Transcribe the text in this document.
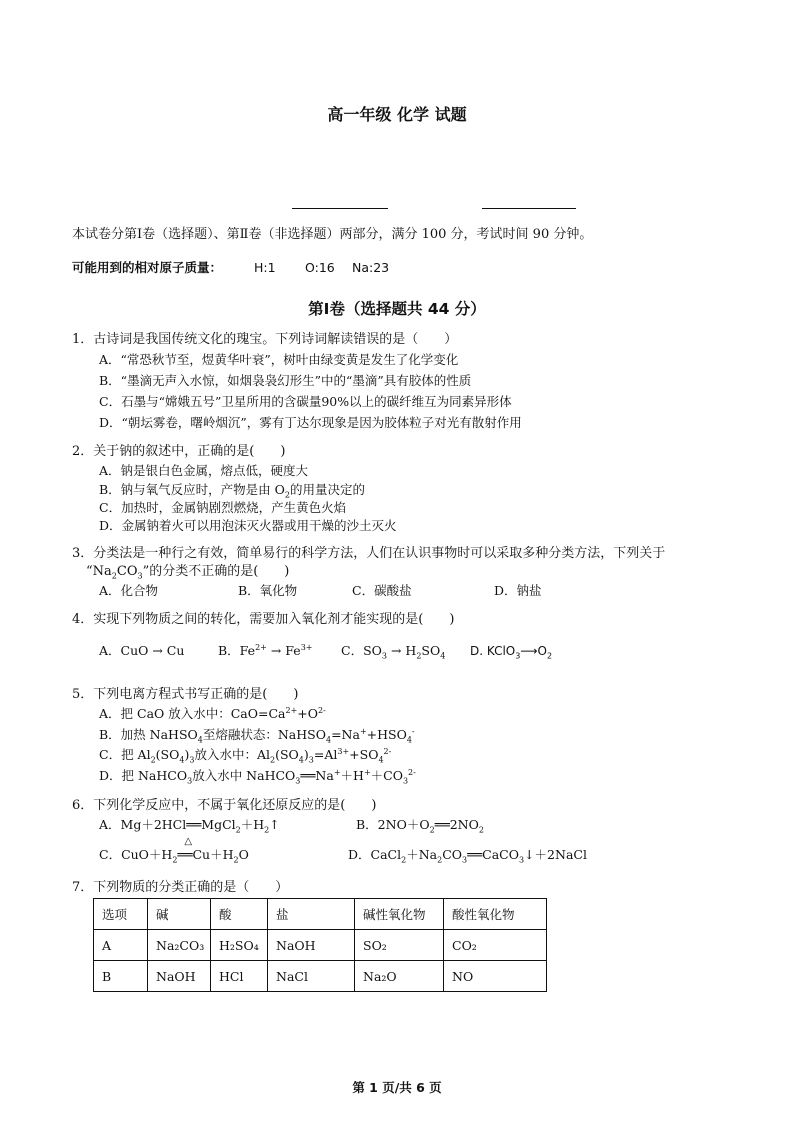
高一年级 化学 试题
本试卷分第Ⅰ卷（选择题）、第Ⅱ卷（非选择题）两部分，满分 100 分，考试时间 90 分钟。
可能用到的相对原子质量：	H:1 O:16 Na:23
第Ⅰ卷（选择题共 44 分）
1．古诗词是我国传统文化的瑰宝。下列诗词解读错误的是（　　）
A．“常恐秋节至，煜黄华叶衰”，树叶由绿变黄是发生了化学变化
B．“墨滴无声入水惊，如烟袅袅幻形生”中的“墨滴”具有胶体的性质
C．石墨与“嫦娥五号”卫星所用的含碳量90%以上的碳纤维互为同素异形体
D．“朝坛雾卷，曙岭烟沉”，雾有丁达尔现象是因为胶体粒子对光有散射作用
2．关于钠的叙述中，正确的是(　　)
A．钠是银白色金属，熔点低，硬度大
B．钠与氧气反应时，产物是由 $O_2$的用量决定的
C．加热时，金属钠剧烈燃烧，产生黄色火焰
D．金属钠着火可以用泡沫灭火器或用干燥的沙土灭火
3．分类法是一种行之有效，简单易行的科学方法，人们在认识事物时可以采取多种分类方法，下列关于
“$Na_2CO_3$”的分类不正确的是(　　)
A．化合物	B．氧化物	C．碳酸盐	D．钠盐
4．实现下列物质之间的转化，需要加入氧化剂才能实现的是(　　)
A．CuO → Cu	B．$Fe^{2+} \to Fe^{3+}$ C．$SO_3 \to H_2SO_4$ D. $KClO_3⟶O_2$
5．下列电离方程式书写正确的是(　　)
A．把 CaO 放入水中：$CaO=Ca^{2+}+O^{2-}$
B．加热 NaHSO$_4$至熔融状态：$NaHSO_4=Na^++HSO_4^-$
C．把 $Al_2(SO_4)_3$放入水中：$Al_2(SO_4)_3=Al^{3+}+SO_4^{2-}$
D．把 NaHCO$_3$放入水中 $NaHCO_3══Na^++H^++CO_3^{2-}$
6．下列化学反应中，不属于氧化还原反应的是(　　)
A．$Mg+2HCl══MgCl_2+H_2↑$	B．$2NO+O_2══2NO_2$
C．$CuO+H_2$
△
$══Cu+H_2O$	D．$CaCl_2+Na_2CO_3══CaCO_3↓+2NaCl$
7．下列物质的分类正确的是（　　）
选项	碱	酸	盐	碱性氧化物	酸性氧化物
A	Na₂CO₃	H₂SO₄	NaOH	SO₂	CO₂
B	NaOH	HCl	NaCl	Na₂O	NO
第 1 页/共 6 页
